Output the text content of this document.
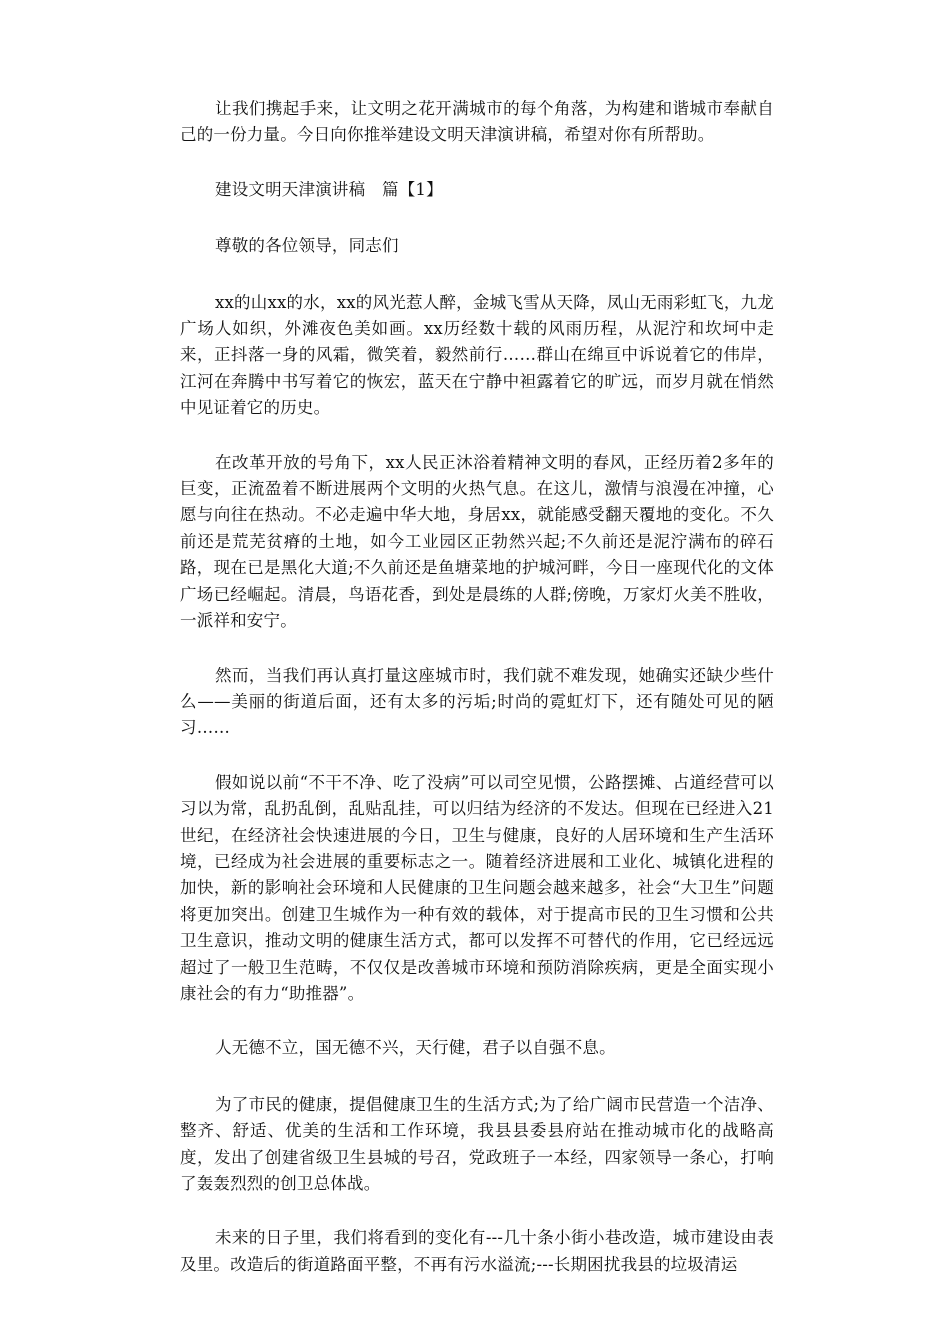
让我们携起手来，让文明之花开满城市的每个角落，为构建和谐城市奉献自己的一份力量。今日向你推举建设文明天津演讲稿，希望对你有所帮助。

建设文明天津演讲稿　篇【1】

尊敬的各位领导，同志们

xx的山xx的水，xx的风光惹人醉，金城飞雪从天降，凤山无雨彩虹飞，九龙广场人如织，外滩夜色美如画。xx历经数十载的风雨历程，从泥泞和坎坷中走来，正抖落一身的风霜，微笑着，毅然前行……群山在绵亘中诉说着它的伟岸，江河在奔腾中书写着它的恢宏，蓝天在宁静中袒露着它的旷远，而岁月就在悄然中见证着它的历史。

在改革开放的号角下，xx人民正沐浴着精神文明的春风，正经历着2多年的巨变，正流盈着不断进展两个文明的火热气息。在这儿，激情与浪漫在冲撞，心愿与向往在热动。不必走遍中华大地，身居xx，就能感受翻天覆地的变化。不久前还是荒芜贫瘠的土地，如今工业园区正勃然兴起;不久前还是泥泞满布的碎石路，现在已是黑化大道;不久前还是鱼塘菜地的护城河畔，今日一座现代化的文体广场已经崛起。清晨，鸟语花香，到处是晨练的人群;傍晚，万家灯火美不胜收，一派祥和安宁。

然而，当我们再认真打量这座城市时，我们就不难发现，她确实还缺少些什么——美丽的街道后面，还有太多的污垢;时尚的霓虹灯下，还有随处可见的陋习……

假如说以前“不干不净、吃了没病”可以司空见惯，公路摆摊、占道经营可以习以为常，乱扔乱倒，乱贴乱挂，可以归结为经济的不发达。但现在已经进入21世纪，在经济社会快速进展的今日，卫生与健康，良好的人居环境和生产生活环境，已经成为社会进展的重要标志之一。随着经济进展和工业化、城镇化进程的加快，新的影响社会环境和人民健康的卫生问题会越来越多，社会“大卫生”问题将更加突出。创建卫生城作为一种有效的载体，对于提高市民的卫生习惯和公共卫生意识，推动文明的健康生活方式，都可以发挥不可替代的作用，它已经远远超过了一般卫生范畴，不仅仅是改善城市环境和预防消除疾病，更是全面实现小康社会的有力“助推器”。

人无德不立，国无德不兴，天行健，君子以自强不息。

为了市民的健康，提倡健康卫生的生活方式;为了给广阔市民营造一个洁净、整齐、舒适、优美的生活和工作环境，我县县委县府站在推动城市化的战略高度，发出了创建省级卫生县城的号召，党政班子一本经，四家领导一条心，打响了轰轰烈烈的创卫总体战。

未来的日子里，我们将看到的变化有---几十条小街小巷改造，城市建设由表及里。改造后的街道路面平整，不再有污水溢流;---长期困扰我县的垃圾清运
